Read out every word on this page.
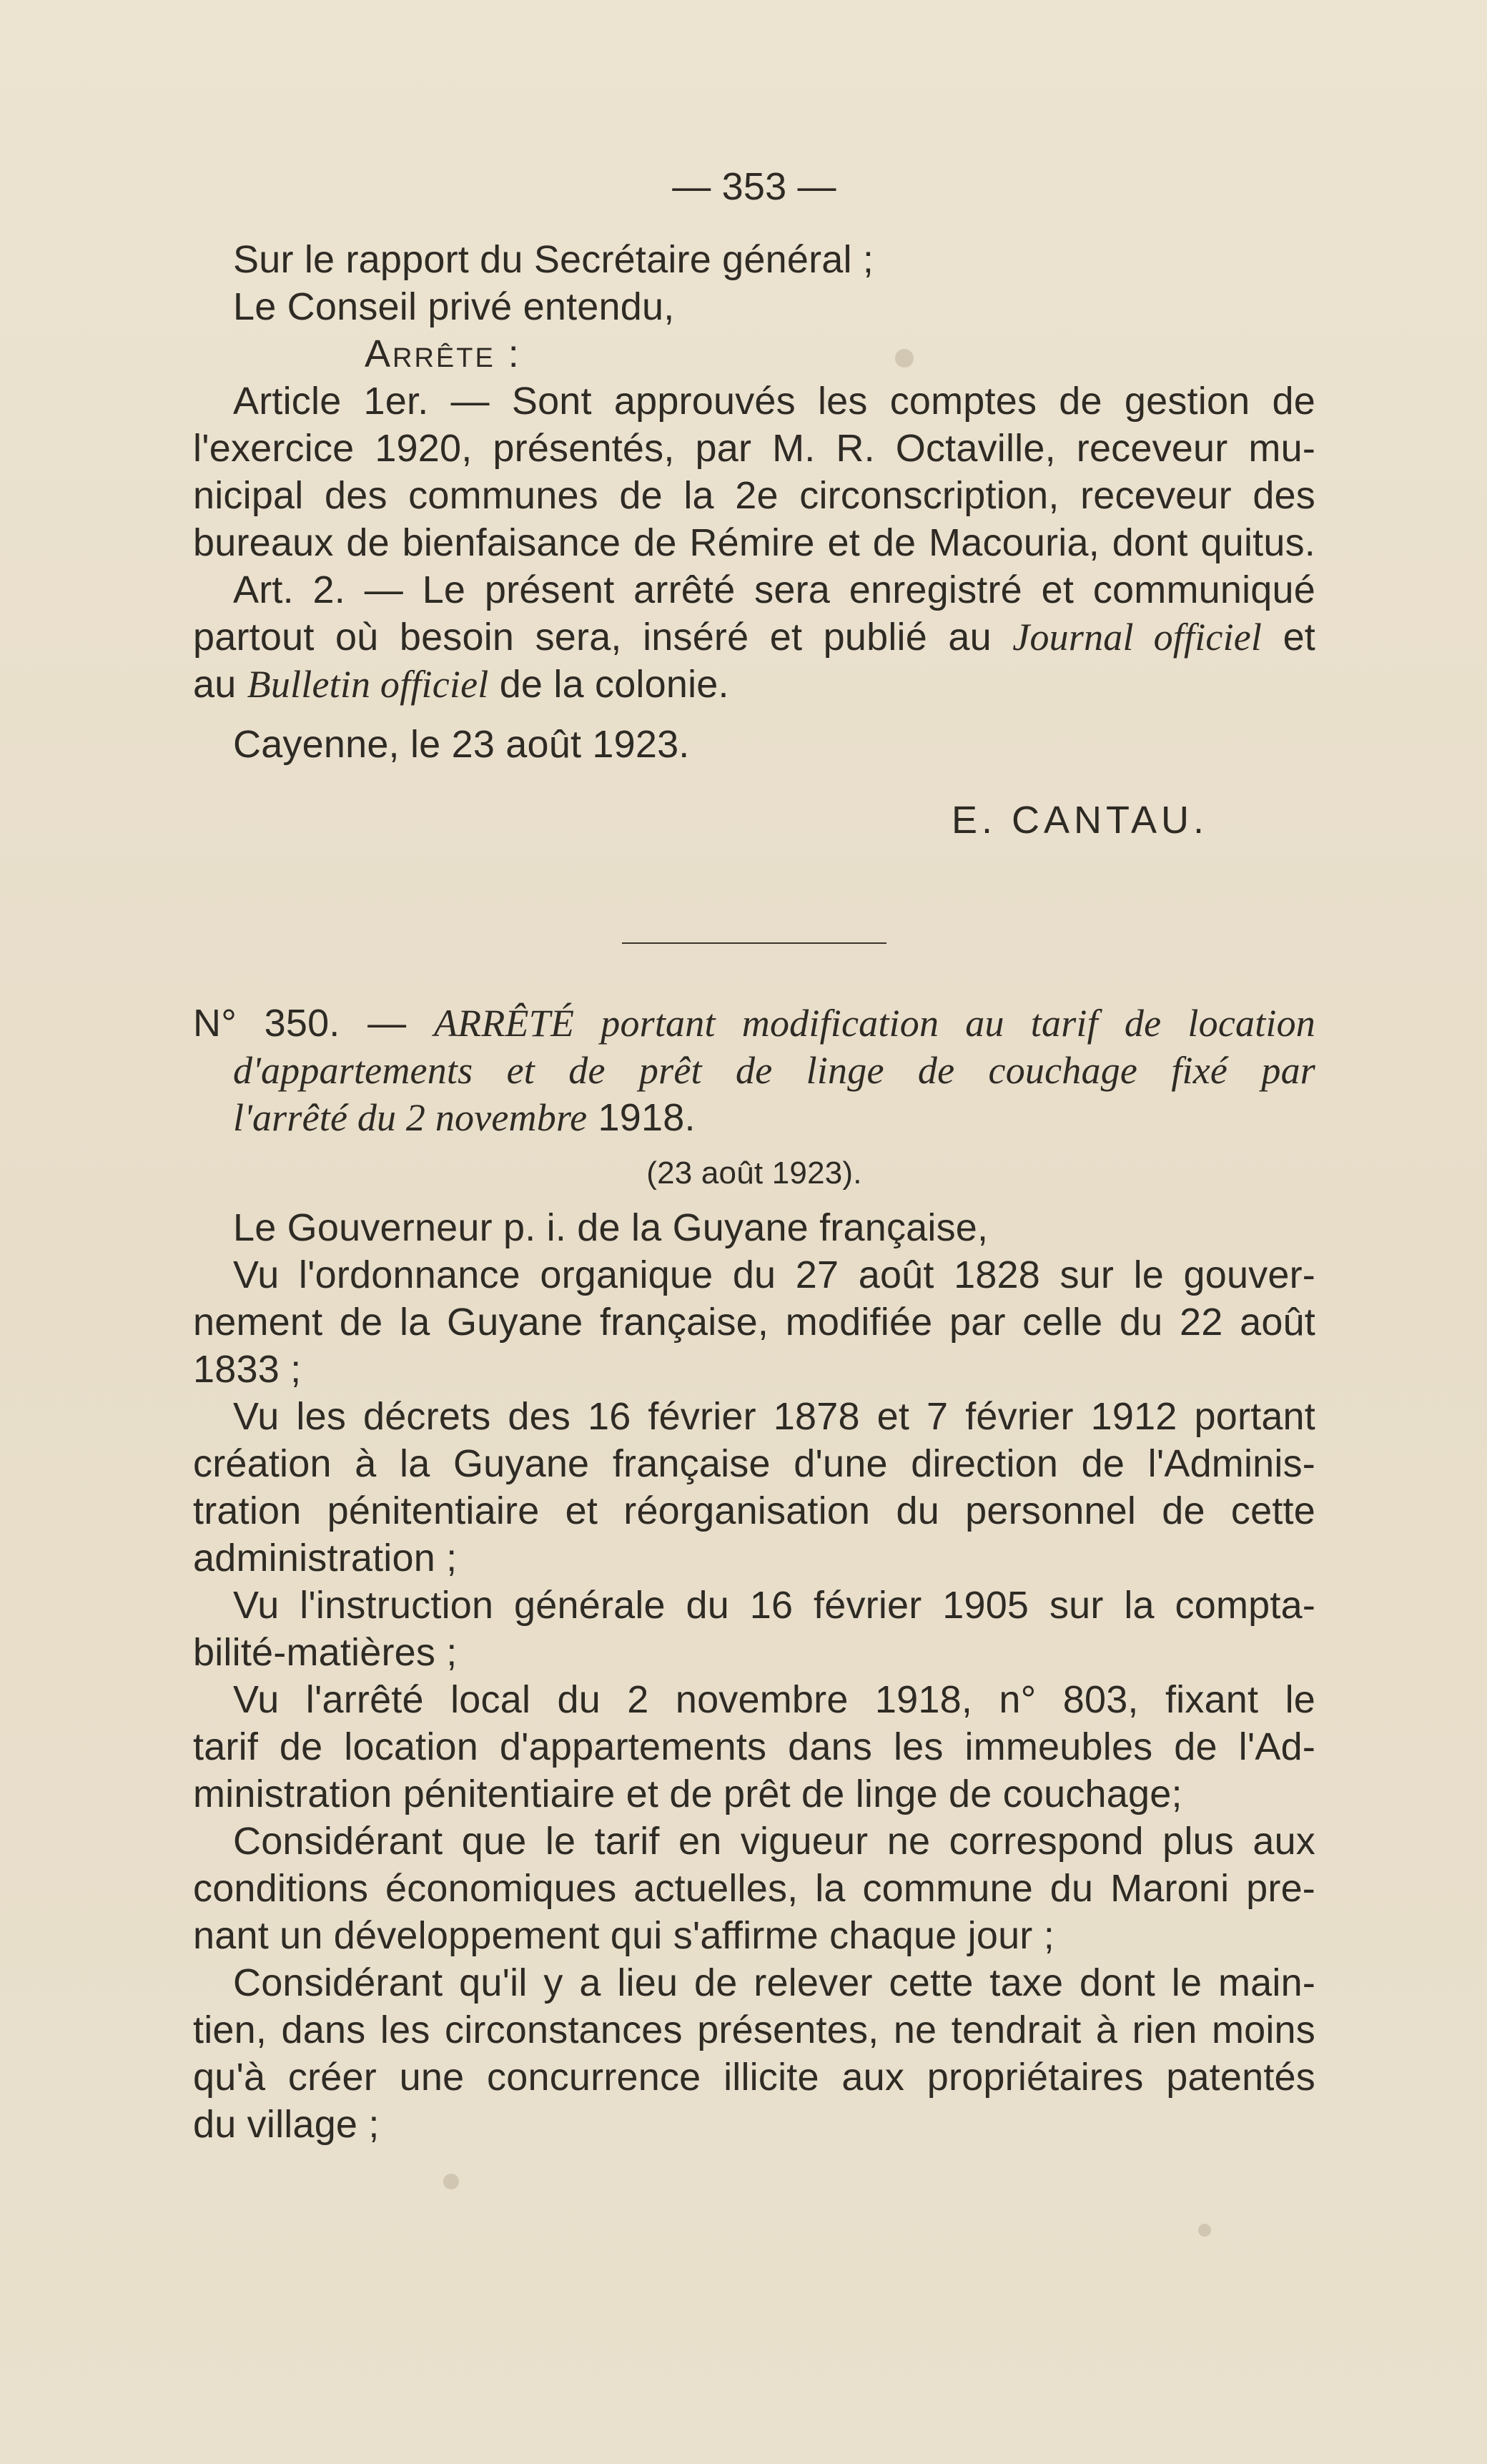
— 353 —
Sur le rapport du Secrétaire général ;
Le Conseil privé entendu,
Arrête :
Article 1er. — Sont approuvés les comptes de gestion de
l'exercice 1920, présentés, par M. R. Octaville, receveur mu-
nicipal des communes de la 2e circonscription, receveur des
bureaux de bienfaisance de Rémire et de Macouria, dont quitus.
Art. 2. — Le présent arrêté sera enregistré et communiqué
partout où besoin sera, inséré et publié au Journal officiel et
au Bulletin officiel de la colonie.
Cayenne, le 23 août 1923.
E. CANTAU.
N° 350. — ARRÊTÉ portant modification au tarif de location
d'appartements et de prêt de linge de couchage fixé par
l'arrêté du 2 novembre 1918.
(23 août 1923).
Le Gouverneur p. i. de la Guyane française,
Vu l'ordonnance organique du 27 août 1828 sur le gouver-
nement de la Guyane française, modifiée par celle du 22 août
1833 ;
Vu les décrets des 16 février 1878 et 7 février 1912 portant
création à la Guyane française d'une direction de l'Adminis-
tration pénitentiaire et réorganisation du personnel de cette
administration ;
Vu l'instruction générale du 16 février 1905 sur la compta-
bilité-matières ;
Vu l'arrêté local du 2 novembre 1918, n° 803, fixant le
tarif de location d'appartements dans les immeubles de l'Ad-
ministration pénitentiaire et de prêt de linge de couchage;
Considérant que le tarif en vigueur ne correspond plus aux
conditions économiques actuelles, la commune du Maroni pre-
nant un développement qui s'affirme chaque jour ;
Considérant qu'il y a lieu de relever cette taxe dont le main-
tien, dans les circonstances présentes, ne tendrait à rien moins
qu'à créer une concurrence illicite aux propriétaires patentés
du village ;
